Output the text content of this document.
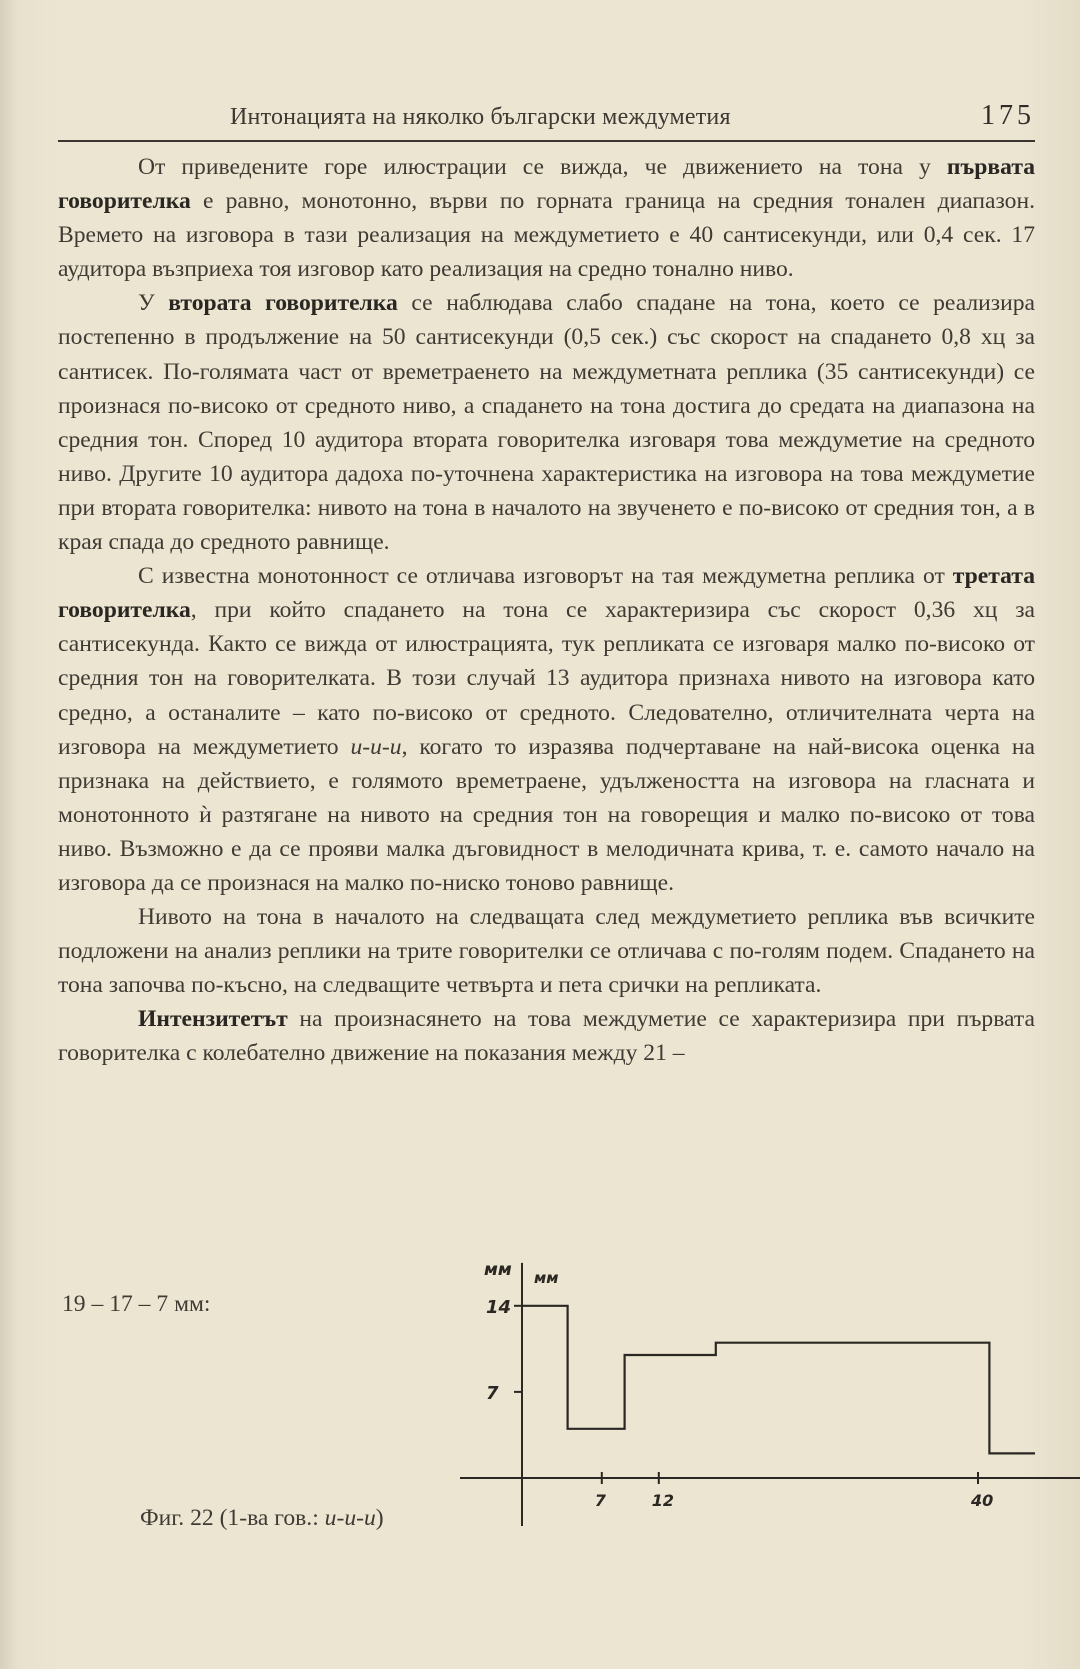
Интонацията на няколко български междуметия	175

От приведените горе илюстрации се вижда, че движението на тона у първата говорителка е равно, монотонно, върви по горната граница на средния тонален диапазон. Времето на изговора в тази реализация на междуметието е 40 сантисекунди, или 0,4 сек. 17 аудитора възприеха тоя изговор като реализация на средно тонално ниво.

У втората говорителка се наблюдава слабо спадане на тона, което се реализира постепенно в продължение на 50 сантисекунди (0,5 сек.) със скорост на спадането 0,8 хц за сантисек. По-голямата част от времетраенето на междуметната реплика (35 сантисекунди) се произнася по-високо от средното ниво, а спадането на тона достига до средата на диапазона на средния тон. Според 10 аудитора втората говорителка изговаря това междуметие на средното ниво. Другите 10 аудитора дадоха по-уточнена характеристика на изговора на това междуметие при втората говорителка: нивото на тона в началото на звученето е по-високо от средния тон, а в края спада до средното равнище.

С известна монотонност се отличава изговорът на тая междуметна реплика от третата говорителка, при който спадането на тона се характеризира със скорост 0,36 хц за сантисекунда. Както се вижда от илюстрацията, тук репликата се изговаря малко по-високо от средния тон на говорителката. В този случай 13 аудитора признаха нивото на изговора като средно, а останалите – като по-високо от средното. Следователно, отличителната черта на изговора на междуметието и-и-и, когато то изразява подчертаване на най-висока оценка на признака на действието, е голямото времетраене, удължеността на изговора на гласната и монотонното ѝ разтягане на нивото на средния тон на говорещия и малко по-високо от това ниво. Възможно е да се прояви малка дъговидност в мелодичната крива, т. е. самото начало на изговора да се произнася на малко по-ниско тоново равнище.

Нивото на тона в началото на следващата след междуметието реплика във всичките подложени на анализ реплики на трите говорителки се отличава с по-голям подем. Спадането на тона започва по-късно, на следващите четвърта и пета срички на репликата.

Интензитетът на произнасянето на това междуметие се характеризира при първата говорителка с колебателно движение на показания между 21 –

19 – 17 – 7 мм:
Фиг. 22 (1-ва гов.: и-и-и)
мм мм
14
7
7	12	40
